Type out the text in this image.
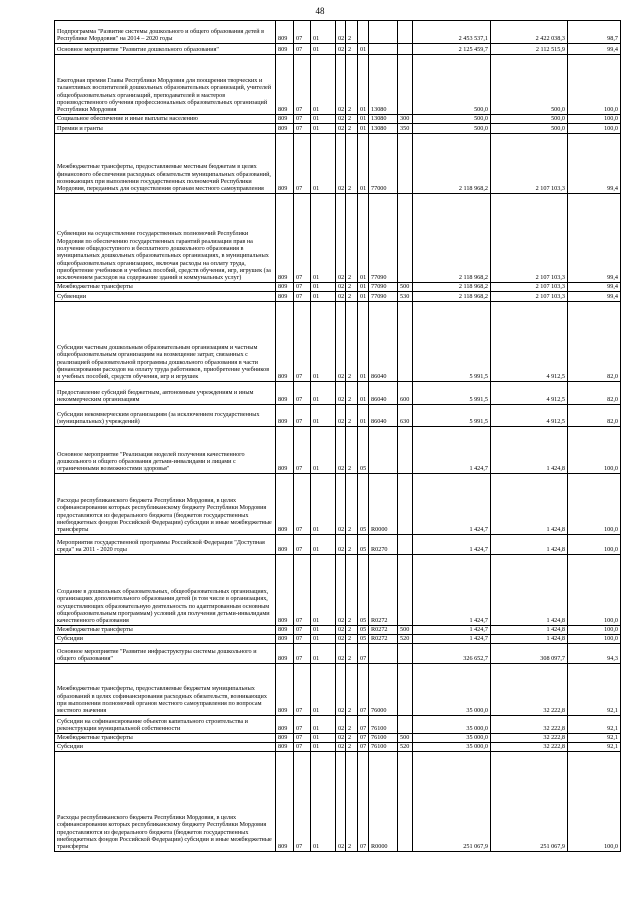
48
Подпрограмма "Развитие системы дошкольного и общего образования детей в Республике Мордовия" на 2014 – 2020 годы	809	07	01	02	2				2 453 537,1	2 422 038,3	98,7
Основное мероприятие "Развитие дошкольного образования"	809	07	01	02	2	01			2 125 459,7	2 112 515,9	99,4
Ежегодная премия Главы Республики Мордовия для поощрения творческих и талантливых воспитателей дошкольных образовательных организаций, учителей общеобразовательных организаций, преподавателей и мастеров производственного обучения профессиональных образовательных организаций Республики Мордовия	809	07	01	02	2	01	13080		500,0	500,0	100,0
Социальное обеспечение и иные выплаты населению	809	07	01	02	2	01	13080	300	500,0	500,0	100,0
Премии и гранты	809	07	01	02	2	01	13080	350	500,0	500,0	100,0
Межбюджетные трансферты, предоставляемые местным бюджетам в целях финансового обеспечения расходных обязательств муниципальных образований, возникающих при выполнении государственных полномочий Республики Мордовия, переданных для осуществления органам местного самоуправления	809	07	01	02	2	01	77000		2 118 968,2	2 107 103,3	99,4
Субвенции на осуществление государственных полномочий Республики Мордовия по обеспечению государственных гарантий реализации прав на получение общедоступного и бесплатного дошкольного образования в муниципальных дошкольных образовательных организациях, в муниципальных общеобразовательных организациях, включая расходы на оплату труда, приобретение учебников и учебных пособий, средств обучения, игр, игрушек (за исключением расходов на содержание зданий и коммунальных услуг)	809	07	01	02	2	01	77090		2 118 968,2	2 107 103,3	99,4
Межбюджетные трансферты	809	07	01	02	2	01	77090	500	2 118 968,2	2 107 103,3	99,4
Субвенции	809	07	01	02	2	01	77090	530	2 118 968,2	2 107 103,3	99,4
Субсидии частным дошкольным образовательным организациям и частным общеобразовательным организациям на возмещение затрат, связанных с реализацией образовательной программы дошкольного образования в части финансирования расходов на оплату труда работников, приобретение учебников и учебных пособий, средств обучения, игр и игрушек	809	07	01	02	2	01	86040		5 991,5	4 912,5	82,0
Предоставление субсидий бюджетным, автономным учреждениям и иным некоммерческим организациям	809	07	01	02	2	01	86040	600	5 991,5	4 912,5	82,0
Субсидии некоммерческим организациям (за исключением государственных (муниципальных) учреждений)	809	07	01	02	2	01	86040	630	5 991,5	4 912,5	82,0
Основное мероприятие "Реализация моделей получения качественного дошкольного и общего образования детьми-инвалидами и лицами с ограниченными возможностями здоровья"	809	07	01	02	2	05			1 424,7	1 424,8	100,0
Расходы республиканского бюджета Республики Мордовия, в целях софинансирования которых республиканскому бюджету Республики Мордовия предоставляются из федерального бюджета (бюджетов государственных внебюджетных фондов Российской Федерации) субсидии и иные межбюджетные трансферты	809	07	01	02	2	05	R0000		1 424,7	1 424,8	100,0
Мероприятия государственной программы Российской Федерации "Доступная среда" на 2011 - 2020 годы	809	07	01	02	2	05	R0270		1 424,7	1 424,8	100,0
Создание в дошкольных образовательных, общеобразовательных организациях, организациях дополнительного образования детей (в том числе в организациях, осуществляющих образовательную деятельность по адаптированным основным общеобразовательным программам) условий для получения детьми-инвалидами качественного образования	809	07	01	02	2	05	R0272		1 424,7	1 424,8	100,0
Межбюджетные трансферты	809	07	01	02	2	05	R0272	500	1 424,7	1 424,8	100,0
Субсидии	809	07	01	02	2	05	R0272	520	1 424,7	1 424,8	100,0
Основное мероприятие "Развитие инфраструктуры системы дошкольного и общего образования"	809	07	01	02	2	07			326 652,7	308 097,7	94,3
Межбюджетные трансферты, предоставляемые бюджетам муниципальных образований в целях софинансирования расходных обязательств, возникающих при выполнении полномочий органов местного самоуправления по вопросам местного значения	809	07	01	02	2	07	76000		35 000,0	32 222,8	92,1
Субсидии на софинансирование объектов капитального строительства и реконструкции муниципальной собственности	809	07	01	02	2	07	76100		35 000,0	32 222,8	92,1
Межбюджетные трансферты	809	07	01	02	2	07	76100	500	35 000,0	32 222,8	92,1
Субсидии	809	07	01	02	2	07	76100	520	35 000,0	32 222,8	92,1
Расходы республиканского бюджета Республики Мордовия, в целях софинансирования которых республиканскому бюджету Республики Мордовия предоставляются из федерального бюджета (бюджетов государственных внебюджетных фондов Российской Федерации) субсидии и иные межбюджетные трансферты	809	07	01	02	2	07	R0000		251 067,9	251 067,9	100,0
